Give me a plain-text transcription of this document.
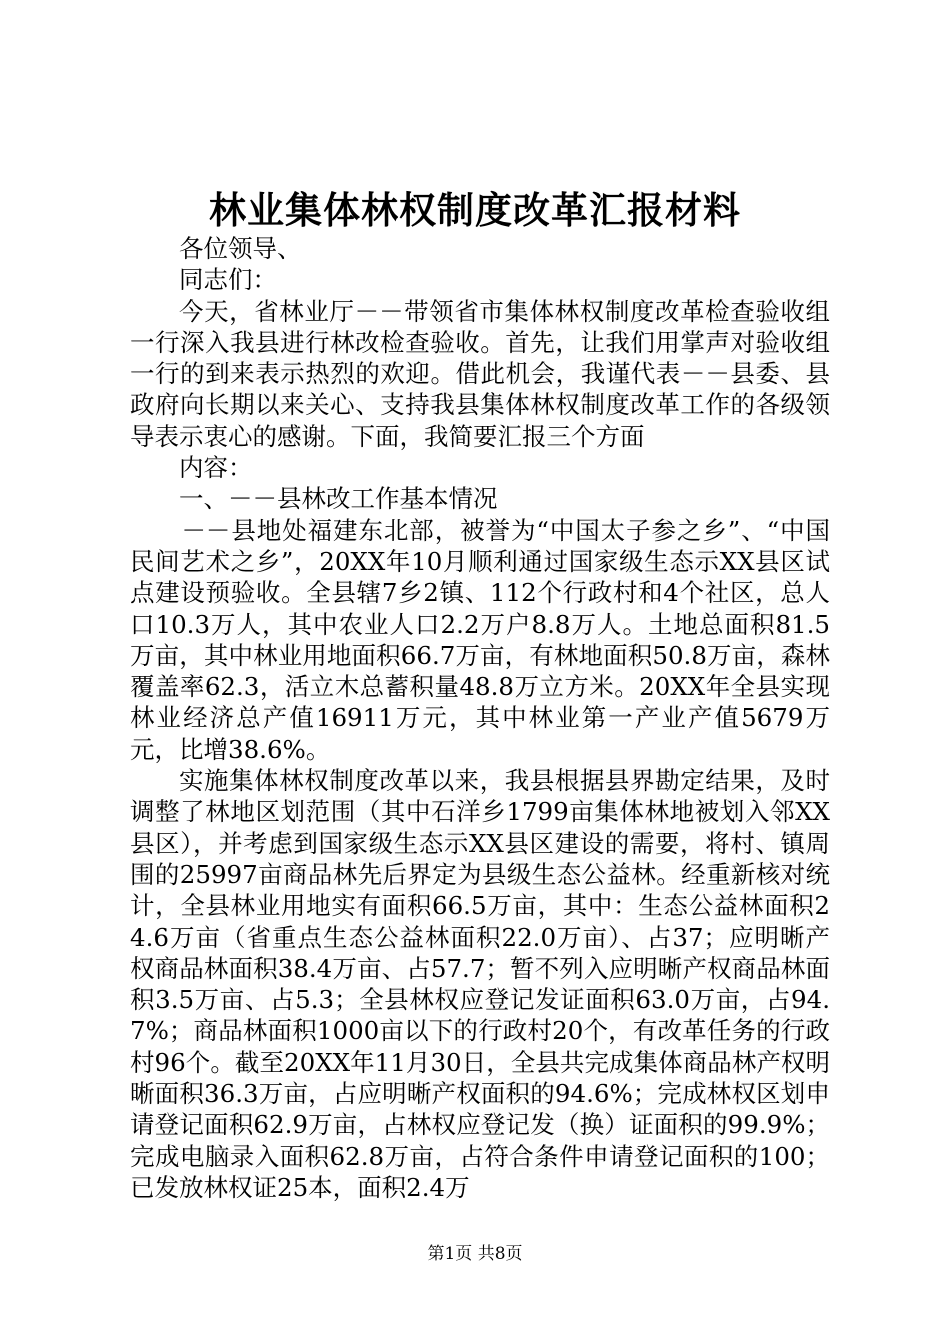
林业集体林权制度改革汇报材料

各位领导、

同志们：

今天，省林业厅－－带领省市集体林权制度改革检查验收组一行深入我县进行林改检查验收。首先，让我们用掌声对验收组一行的到来表示热烈的欢迎。借此机会，我谨代表－－县委、县政府向长期以来关心、支持我县集体林权制度改革工作的各级领导表示衷心的感谢。下面，我简要汇报三个方面

内容：

一、－－县林改工作基本情况

－－县地处福建东北部，被誉为“中国太子参之乡”、“中国民间艺术之乡”，20XX年10月顺利通过国家级生态示XX县区试点建设预验收。全县辖7乡2镇、112个行政村和4个社区，总人口10.3万人，其中农业人口2.2万户8.8万人。土地总面积81.5万亩，其中林业用地面积66.7万亩，有林地面积50.8万亩，森林覆盖率62.3，活立木总蓄积量48.8万立方米。20XX年全县实现林业经济总产值16911万元，其中林业第一产业产值5679万元，比增38.6%。

实施集体林权制度改革以来，我县根据县界勘定结果，及时调整了林地区划范围（其中石洋乡1799亩集体林地被划入邻XX县区），并考虑到国家级生态示XX县区建设的需要，将村、镇周围的25997亩商品林先后界定为县级生态公益林。经重新核对统计，全县林业用地实有面积66.5万亩，其中：生态公益林面积24.6万亩（省重点生态公益林面积22.0万亩）、占37；应明晰产权商品林面积38.4万亩、占57.7；暂不列入应明晰产权商品林面积3.5万亩、占5.3；全县林权应登记发证面积63.0万亩，占94.7%；商品林面积1000亩以下的行政村20个，有改革任务的行政村96个。截至20XX年11月30日，全县共完成集体商品林产权明晰面积36.3万亩，占应明晰产权面积的94.6%；完成林权区划申请登记面积62.9万亩，占林权应登记发（换）证面积的99.9%；完成电脑录入面积62.8万亩，占符合条件申请登记面积的100；已发放林权证25本，面积2.4万

第1页 共8页
